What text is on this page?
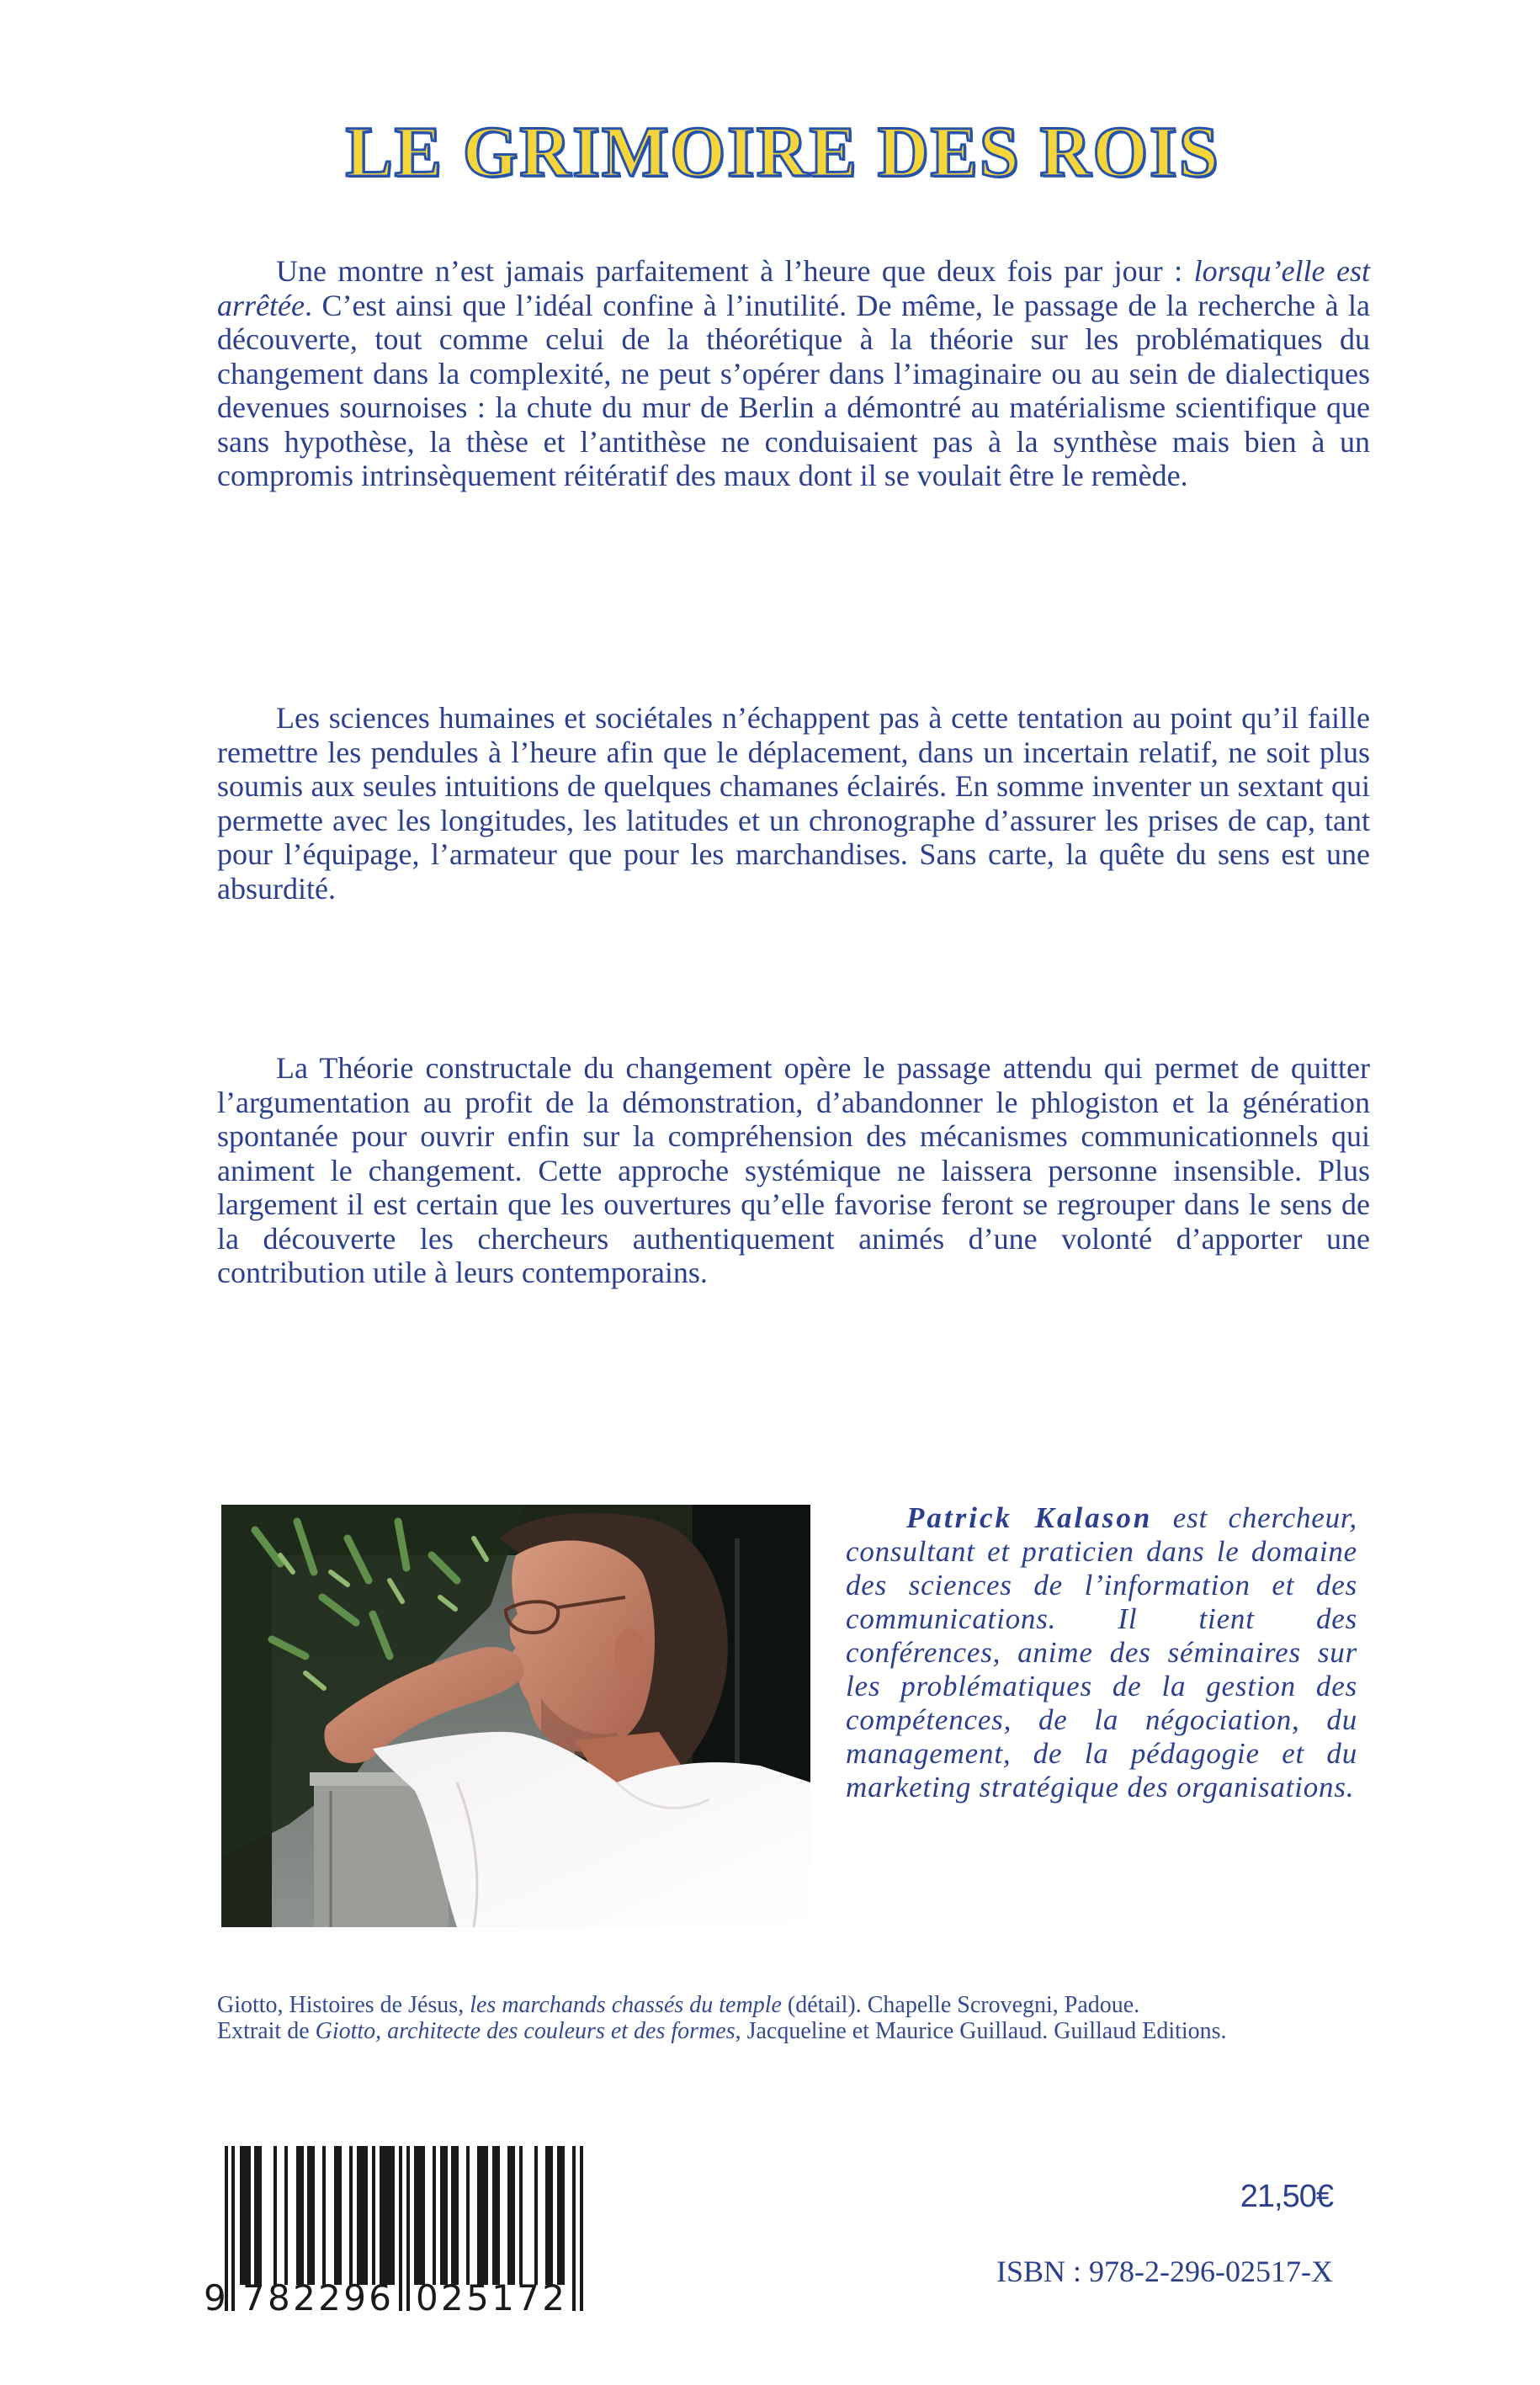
LE GRIMOIRE DES ROIS

Une montre n’est jamais parfaitement à l’heure que deux fois par jour : lorsqu’elle est arrêtée. C’est ainsi que l’idéal confine à l’inutilité. De même, le passage de la recherche à la découverte, tout comme celui de la théorétique à la théorie sur les problématiques du changement dans la complexité, ne peut s’opérer dans l’imaginaire ou au sein de dialectiques devenues sournoises : la chute du mur de Berlin a démontré au matérialisme scientifique que sans hypothèse, la thèse et l’antithèse ne conduisaient pas à la synthèse mais bien à un compromis intrinsèquement réitératif des maux dont il se voulait être le remède.

Les sciences humaines et sociétales n’échappent pas à cette tentation au point qu’il faille remettre les pendules à l’heure afin que le déplacement, dans un incertain relatif, ne soit plus soumis aux seules intuitions de quelques chamanes éclairés. En somme inventer un sextant qui permette avec les longitudes, les latitudes et un chronographe d’assurer les prises de cap, tant pour l’équipage, l’armateur que pour les marchandises. Sans carte, la quête du sens est une absurdité.

La Théorie constructale du changement opère le passage attendu qui permet de quitter l’argumentation au profit de la démonstration, d’abandonner le phlogiston et la génération spontanée pour ouvrir enfin sur la compréhension des mécanismes communicationnels qui animent le changement. Cette approche systémique ne laissera personne insensible. Plus largement il est certain que les ouvertures qu’elle favorise feront se regrouper dans le sens de la découverte les chercheurs authentiquement animés d’une volonté d’apporter une contribution utile à leurs contemporains.

Patrick Kalason est chercheur, consultant et praticien dans le domaine des sciences de l’information et des communications. Il tient des conférences, anime des séminaires sur les problématiques de la gestion des compétences, de la négociation, du management, de la pédagogie et du marketing stratégique des organisations.

Giotto, Histoires de Jésus, les marchands chassés du temple (détail). Chapelle Scrovegni, Padoue.

Extrait de Giotto, architecte des couleurs et des formes, Jacqueline et Maurice Guillaud. Guillaud Editions.

9 782296 025172
21,50€
ISBN : 978-2-296-02517-X
